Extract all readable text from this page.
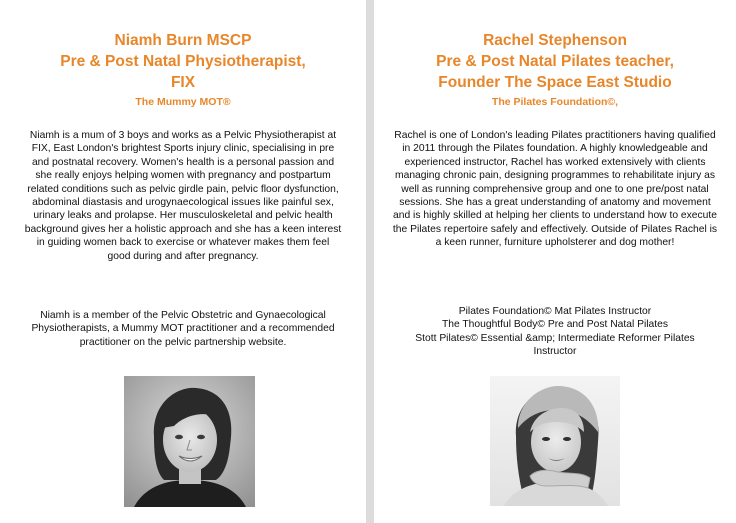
Niamh Burn MSCP
Pre & Post Natal Physiotherapist,
FIX
The Mummy MOT®

Niamh is a mum of 3 boys and works as a Pelvic Physiotherapist at FIX, East London's brightest Sports injury clinic, specialising in pre and postnatal recovery. Women's health is a personal passion and she really enjoys helping women with pregnancy and postpartum related conditions such as pelvic girdle pain, pelvic floor dysfunction, abdominal diastasis and urogynaecological issues like painful sex, urinary leaks and prolapse. Her musculoskeletal and pelvic health background gives her a holistic approach and she has a keen interest in guiding women back to exercise or whatever makes them feel good during and after pregnancy.

Niamh is a member of the Pelvic Obstetric and Gynaecological Physiotherapists, a Mummy MOT practitioner and a recommended practitioner on the pelvic partnership website.

Rachel Stephenson
Pre & Post Natal Pilates teacher,
Founder The Space East Studio
The Pilates Foundation©,

Rachel is one of London's leading Pilates practitioners having qualified in 2011 through the Pilates foundation. A highly knowledgeable and experienced instructor, Rachel has worked extensively with clients managing chronic pain, designing programmes to rehabilitate injury as well as running comprehensive group and one to one pre/post natal sessions. She has a great understanding of anatomy and movement and is highly skilled at helping her clients to understand how to execute the Pilates repertoire safely and effectively. Outside of Pilates Rachel is a keen runner, furniture upholsterer and dog mother!

Pilates Foundation© Mat Pilates Instructor
The Thoughtful Body© Pre and Post Natal Pilates
Stott Pilates© Essential &amp; Intermediate Reformer Pilates Instructor
